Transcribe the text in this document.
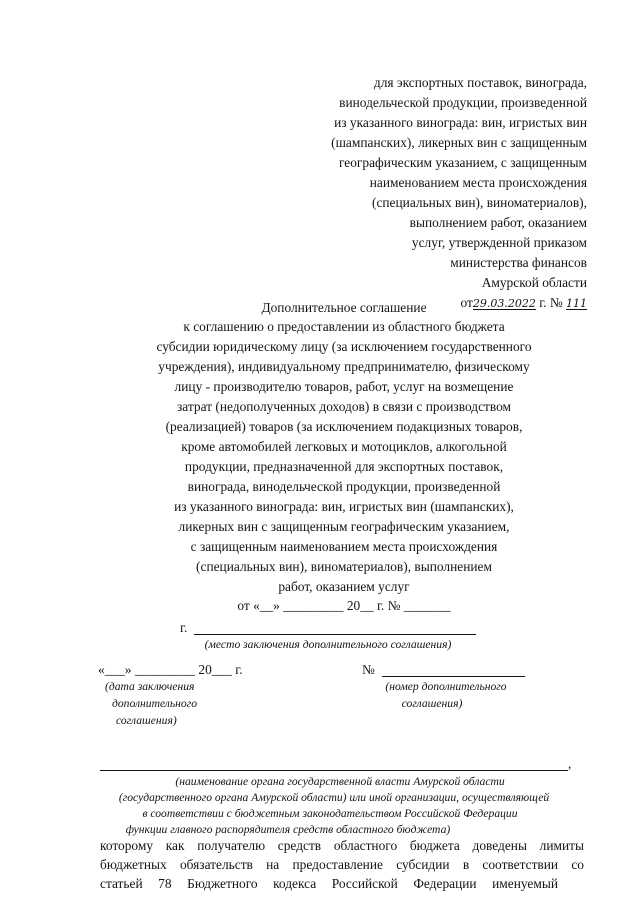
для экспортных поставок, винограда,
винодельческой продукции, произведенной
из указанного винограда: вин, игристых вин
(шампанских), ликерных вин с защищенным
географическим указанием, с защищенным
наименованием места происхождения
(специальных вин), виноматериалов),
выполнением работ, оказанием
услуг, утвержденной приказом
министерства финансов
Амурской области
от29.03.2022 г. № 111
Дополнительное соглашение
к соглашению о предоставлении из областного бюджета
субсидии юридическому лицу (за исключением государственного
учреждения), индивидуальному предпринимателю, физическому
лицу - производителю товаров, работ, услуг на возмещение
затрат (недополученных доходов) в связи с производством
(реализацией) товаров (за исключением подакцизных товаров,
кроме автомобилей легковых и мотоциклов, алкогольной
продукции, предназначенной для экспортных поставок,
винограда, винодельческой продукции, произведенной
из указанного винограда: вин, игристых вин (шампанских),
ликерных вин с защищенным географическим указанием,
с защищенным наименованием места происхождения
(специальных вин), виноматериалов), выполнением
работ, оказанием услуг
от «__» _________ 20__ г. № _______
г.
(место заключения дополнительного соглашения)
«___» _________ 20___ г.
(дата заключения
дополнительного
соглашения)
№
(номер дополнительного
соглашения)
,
(наименование органа государственной власти Амурской области
(государственного органа Амурской области) или иной организации, осуществляющей
в соответствии с бюджетным законодательством Российской Федерации
функции главного распорядителя средств областного бюджета)
которому как получателю средств областного бюджета доведены лимиты
бюджетных обязательств на предоставление субсидии в соответствии со
статьей 78 Бюджетного кодекса Российской Федерации именуемый
